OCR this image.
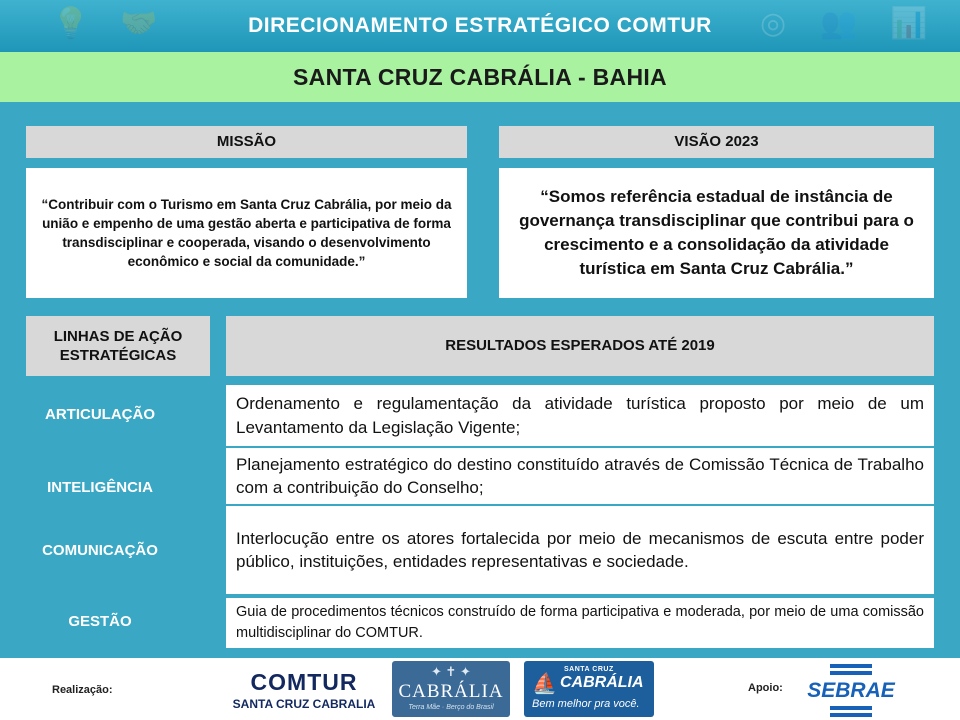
💡 🤝	◎ 👥 📊
DIRECIONAMENTO ESTRATÉGICO COMTUR
SANTA CRUZ CABRÁLIA - BAHIA
MISSÃO
“Contribuir com o Turismo em Santa Cruz Cabrália, por meio da união e empenho de uma gestão aberta e participativa de forma transdisciplinar e cooperada, visando o desenvolvimento econômico e social da comunidade.”
VISÃO 2023
“Somos referência estadual de instância de governança transdisciplinar que contribui para o crescimento e a consolidação da atividade turística em Santa Cruz Cabrália.”
LINHAS DE AÇÃO ESTRATÉGICAS
RESULTADOS ESPERADOS ATÉ 2019
ARTICULAÇÃO
Ordenamento e regulamentação da atividade turística proposto por meio de um Levantamento da Legislação Vigente;
INTELIGÊNCIA
Planejamento estratégico do destino constituído através de Comissão Técnica de Trabalho com a contribuição do Conselho;
COMUNICAÇÃO
Interlocução entre os atores fortalecida por meio de mecanismos de escuta entre poder público, instituições, entidades representativas e sociedade.
GESTÃO
Guia de procedimentos técnicos construído de forma participativa e moderada, por meio de uma comissão multidisciplinar do COMTUR.
Realização:	COMTUR
SANTA CRUZ CABRALIA
✦ ✝ ✦
CABRÁLIA
Terra Mãe · Berço do Brasil
⛵
SANTA CRUZ
CABRÁLIA
Bem melhor pra você.
Apoio: SEBRAE
